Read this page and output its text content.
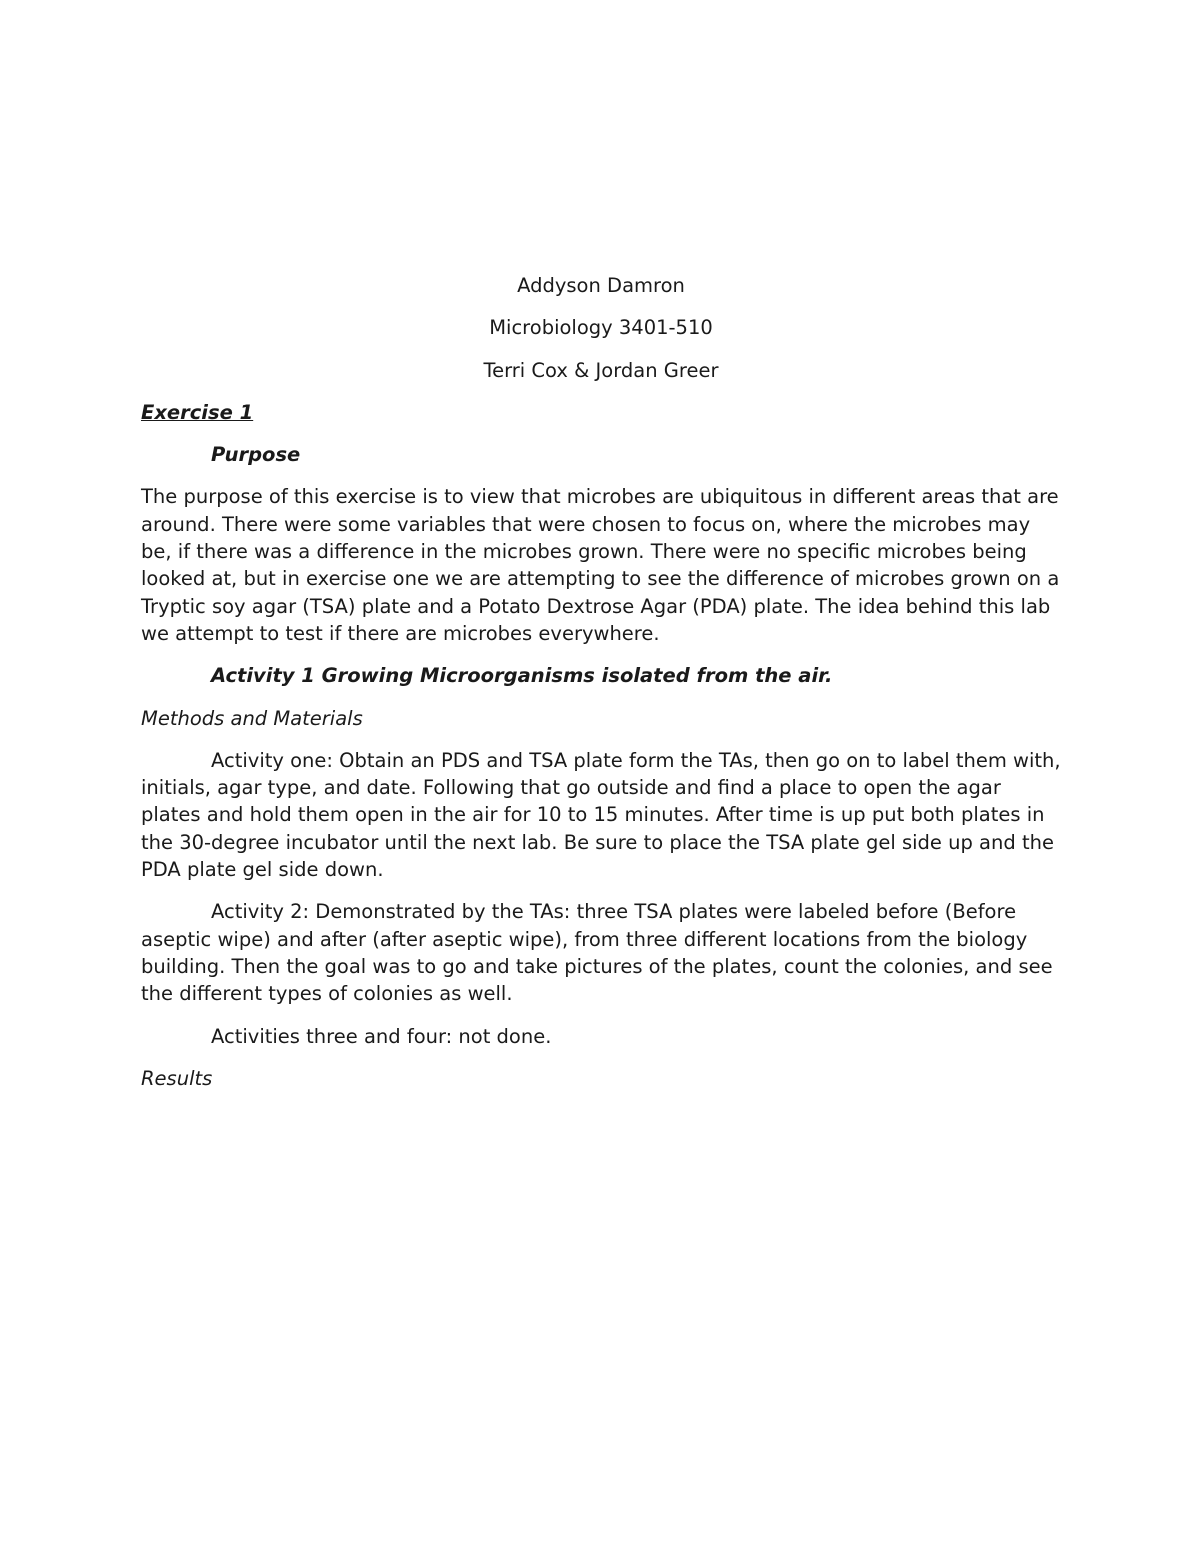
Addyson Damron
Microbiology 3401-510
Terri Cox & Jordan Greer
Exercise 1
Purpose
The purpose of this exercise is to view that microbes are ubiquitous in different areas that are around. There were some variables that were chosen to focus on, where the microbes may be, if there was a difference in the microbes grown. There were no specific microbes being looked at, but in exercise one we are attempting to see the difference of microbes grown on a Tryptic soy agar (TSA) plate and a Potato Dextrose Agar (PDA) plate. The idea behind this lab we attempt to test if there are microbes everywhere.
Activity 1 Growing Microorganisms isolated from the air.
Methods and Materials
Activity one: Obtain an PDS and TSA plate form the TAs, then go on to label them with, initials, agar type, and date. Following that go outside and find a place to open the agar plates and hold them open in the air for 10 to 15 minutes. After time is up put both plates in the 30-degree incubator until the next lab. Be sure to place the TSA plate gel side up and the PDA plate gel side down.
Activity 2: Demonstrated by the TAs: three TSA plates were labeled before (Before aseptic wipe) and after (after aseptic wipe), from three different locations from the biology building. Then the goal was to go and take pictures of the plates, count the colonies, and see the different types of colonies as well.
Activities three and four: not done.
Results
